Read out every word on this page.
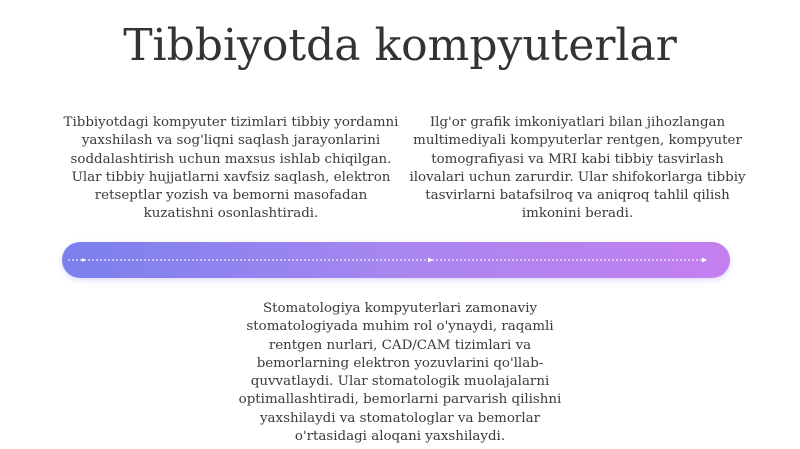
Tibbiyotda kompyuterlar

Tibbiyotdagi kompyuter tizimlari tibbiy yordamni yaxshilash va sog'liqni saqlash jarayonlarini soddalashtirish uchun maxsus ishlab chiqilgan. Ular tibbiy hujjatlarni xavfsiz saqlash, elektron retseptlar yozish va bemorni masofadan kuzatishni osonlashtiradi.

Ilg'or grafik imkoniyatlari bilan jihozlangan multimediyali kompyuterlar rentgen, kompyuter tomografiyasi va MRI kabi tibbiy tasvirlash ilovalari uchun zarurdir. Ular shifokorlarga tibbiy tasvirlarni batafsilroq va aniqroq tahlil qilish imkonini beradi.

Stomatologiya kompyuterlari zamonaviy stomatologiyada muhim rol o'ynaydi, raqamli rentgen nurlari, CAD/CAM tizimlari va bemorlarning elektron yozuvlarini qo'llab-quvvatlaydi. Ular stomatologik muolajalarni optimallashtiradi, bemorlarni parvarish qilishni yaxshilaydi va stomatologlar va bemorlar o'rtasidagi aloqani yaxshilaydi.
